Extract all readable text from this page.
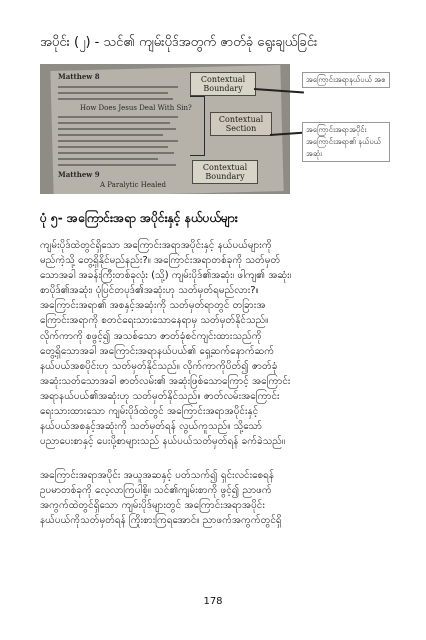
အပိုင်း (၂) - သင်၏ ကျမ်းပိုဒ်အတွက် ဇာတ်ခုံ ရွေးချယ်ခြင်း
Matthew 8
How Does Jesus Deal With Sin?
Matthew 9
A Paralytic Healed
Contextual Boundary
Contextual Section
Contextual Boundary
အကြောင်းအရာနယ်ပယ် အစ
အကြောင်းအရာအပိုင်း အကြောင်းအရာ၏ နယ်ပယ်အဆုံး
ပုံ ၅- အကြောင်းအရာ အပိုင်းနှင့် နယ်ပယ်များ
ကျမ်းပိုဒ်ထဲတွင်ရှိသော အကြောင်းအရာအပိုင်းနှင့် နယ်ပယ်များကို
မည်ကဲ့သို့ တွေ့ရှိနိုင်မည်နည်း?။ အကြောင်းအရာတစ်ခုကို သတ်မှတ်
သောအခါ အခန်းကြီးတစ်ခုလုံး (သို့) ကျမ်းပိုဒ်၏အဆုံး၊ ဖါကျ၏ အဆုံး၊
စာပိုဒ်၏အဆုံး၊ ပုံပြင်တပုဒ်၏အဆုံးဟု သတ်မှတ်ရမည်လား?။
အကြောင်းအရာ၏ အစနှင့်အဆုံးကို သတ်မှတ်ရာတွင် တခြားအ
ကြောင်းအရာကို စတင်ရေးသားသောနေရာမှ သတ်မှတ်နိုင်သည်။
လိုက်ကာကို စဖွင့်၍ အသစ်သော ဇာတ်ခုံစင်ကျင်းထားသည်ကို
တွေ့ရှိသောအခါ အကြောင်းအရာနယ်ပယ်၏ ရှေ့ဆက်နောက်ဆက်
နယ်ပယ်အစပိုင်းဟု သတ်မှတ်နိုင်သည်။ လိုက်ကာကိုပိတ်၍ ဇာတ်ခုံ
အဆုံးသတ်သောအခါ ဇာတ်လမ်း၏ အဆုံးဖြစ်သောကြောင့် အကြောင်း
အရာနယ်ပယ်၏အဆုံးဟု သတ်မှတ်နိုင်သည်။ ဇာတ်လမ်းအကြောင်း
ရေးသားထားသော ကျမ်းပိုဒ်ထဲတွင် အကြောင်းအရာအပိုင်းနှင့်
နယ်ပယ်အစနှင့်အဆုံးကို သတ်မှတ်ရန် လွယ်ကူသည်။ သို့သော်
ပညာပေးစာနှင့် ပေးပို့စာများသည် နယ်ပယ်သတ်မှတ်ရန် ခက်ခဲသည်။
အကြောင်းအရာအပိုင်း အယူအဆနှင့် ပတ်သက်၍ ရှင်းလင်းစေရန်
ဥပမာတစ်ခုကို လေ့လာကြပါစို့။ သင်၏ကျမ်းစာကို ဖွင့်၍ ညာဖက်
အကွက်ထဲတွင်ရှိသော ကျမ်းပိုဒ်များတွင် အကြောင်းအရာအပိုင်း
နယ်ပယ်ကိုသတ်မှတ်ရန် ကြိုးစားကြရအောင်။ ညာဖက်အကွက်တွင်ရှိ
178
